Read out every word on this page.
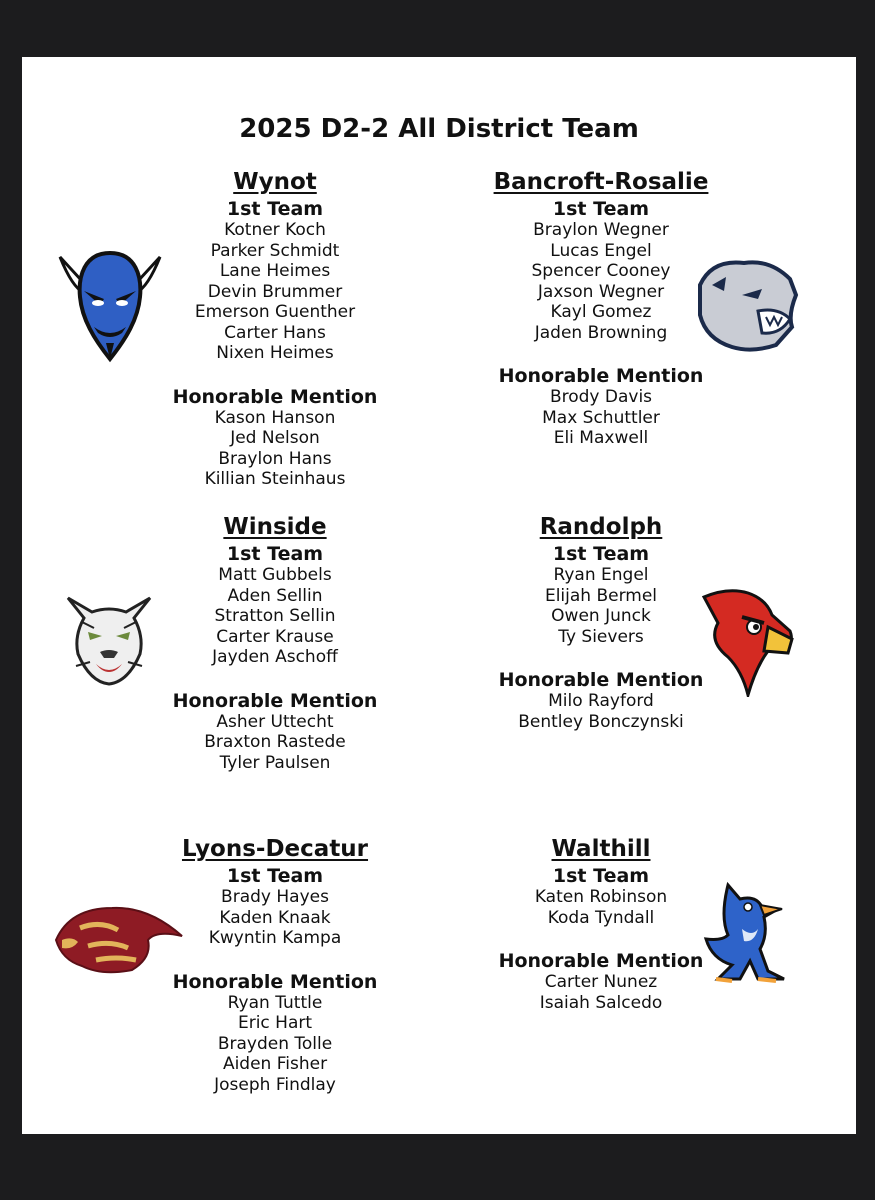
2025 D2-2 All District Team
Wynot
1st Team
Kotner Koch
Parker Schmidt
Lane Heimes
Devin Brummer
Emerson Guenther
Carter Hans
Nixen Heimes
Honorable Mention
Kason Hanson
Jed Nelson
Braylon Hans
Killian Steinhaus
Bancroft-Rosalie
1st Team
Braylon Wegner
Lucas Engel
Spencer Cooney
Jaxson Wegner
Kayl Gomez
Jaden Browning
Honorable Mention
Brody Davis
Max Schuttler
Eli Maxwell
Winside
1st Team
Matt Gubbels
Aden Sellin
Stratton Sellin
Carter Krause
Jayden Aschoff
Honorable Mention
Asher Uttecht
Braxton Rastede
Tyler Paulsen
Randolph
1st Team
Ryan Engel
Elijah Bermel
Owen Junck
Ty Sievers
Honorable Mention
Milo Rayford
Bentley Bonczynski
Lyons-Decatur
1st Team
Brady Hayes
Kaden Knaak
Kwyntin Kampa
Honorable Mention
Ryan Tuttle
Eric Hart
Brayden Tolle
Aiden Fisher
Joseph Findlay
Walthill
1st Team
Katen Robinson
Koda Tyndall
Honorable Mention
Carter Nunez
Isaiah Salcedo
